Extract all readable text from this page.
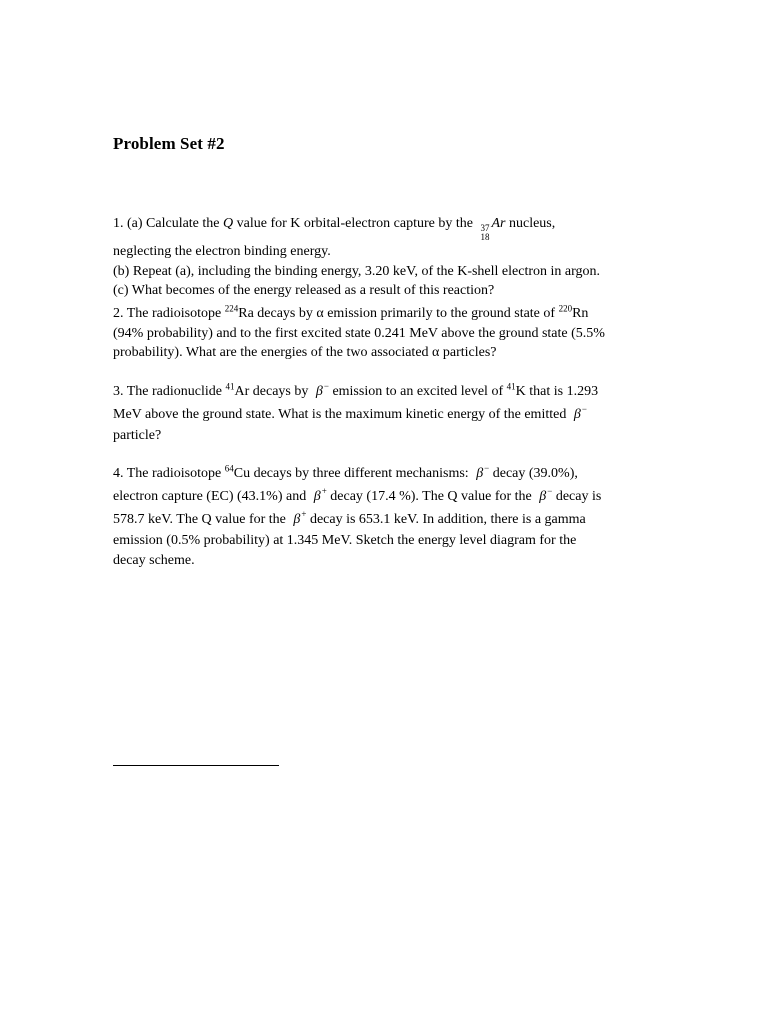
Problem Set #2
1. (a) Calculate the Q value for K orbital-electron capture by the 37
18
Ar nucleus,
neglecting the electron binding energy.
(b) Repeat (a), including the binding energy, 3.20 keV, of the K-shell electron in argon.
(c) What becomes of the energy released as a result of this reaction?
2. The radioisotope $^{224}$Ra decays by α emission primarily to the ground state of $^{220}$Rn
(94% probability) and to the first excited state 0.241 MeV above the ground state (5.5%
probability). What are the energies of the two associated α particles?
3. The radionuclide $^{41}$Ar decays by β− emission to an excited level of $^{41}$K that is 1.293
MeV above the ground state. What is the maximum kinetic energy of the emitted β−
particle?
4. The radioisotope $^{64}$Cu decays by three different mechanisms: β− decay (39.0%),
electron capture (EC) (43.1%) and β+ decay (17.4 %). The Q value for the β− decay is
578.7 keV. The Q value for the β+ decay is 653.1 keV. In addition, there is a gamma
emission (0.5% probability) at 1.345 MeV. Sketch the energy level diagram for the
decay scheme.
